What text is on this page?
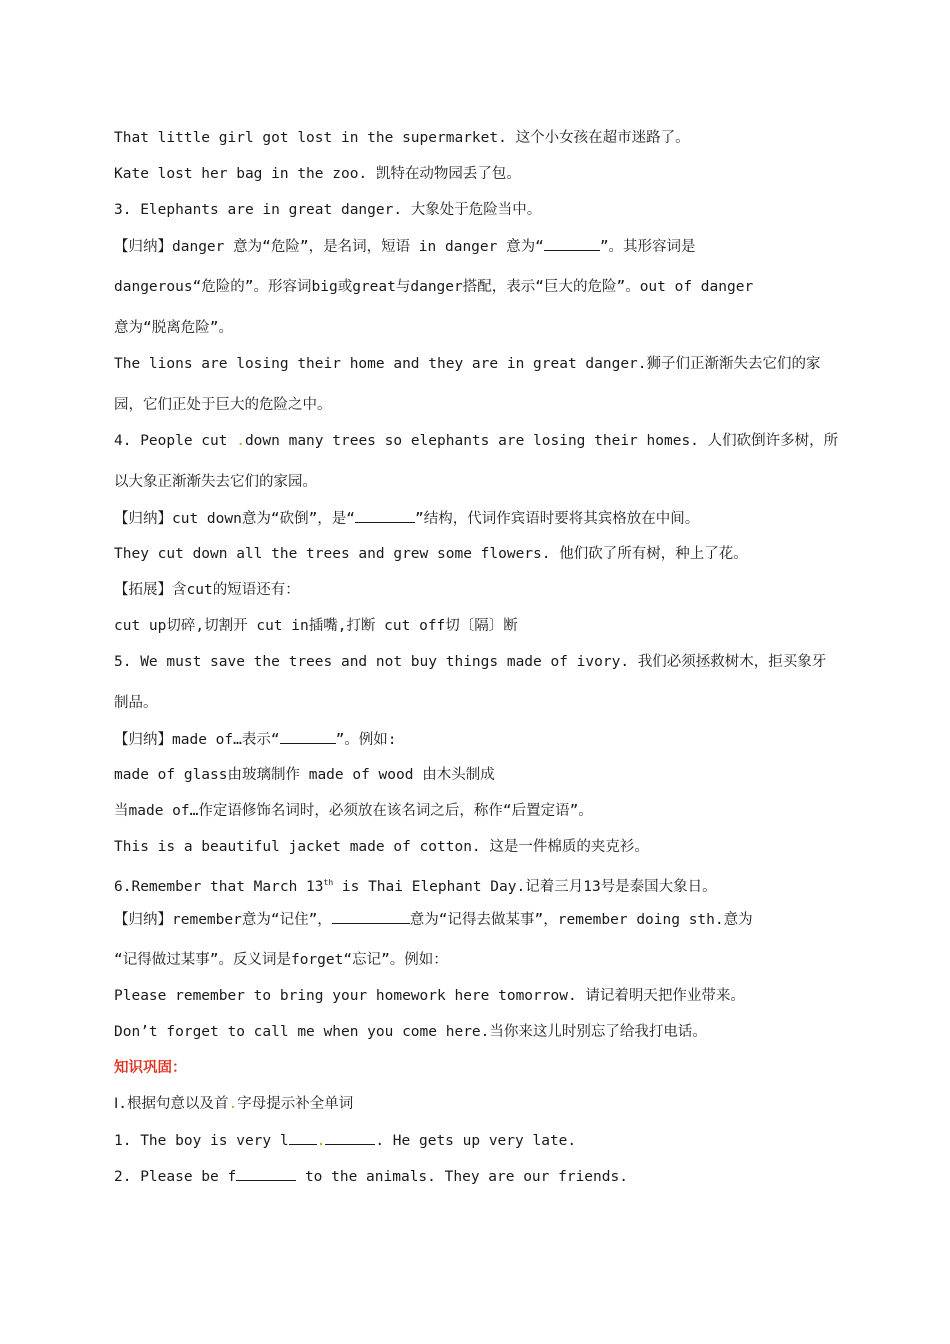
That little girl got lost in the supermarket. 这个小女孩在超市迷路了。
Kate lost her bag in the zoo. 凯特在动物园丢了包。
3. Elephants are in great danger. 大象处于危险当中。
【归纳】danger 意为“危险”，是名词，短语 in danger 意为“	”。其形容词是
dangerous“危险的”。形容词big或great与danger搭配，表示“巨大的危险”。out of danger
意为“脱离危险”。
The lions are losing their home and they are in great danger.狮子们正渐渐失去它们的家
园，它们正处于巨大的危险之中。
4. People cut .down many trees so elephants are losing their homes. 人们砍倒许多树，所
以大象正渐渐失去它们的家园。
【归纳】cut down意为“砍倒”，是“	”结构，代词作宾语时要将其宾格放在中间。
They cut down all the trees and grew some flowers. 他们砍了所有树，种上了花。
【拓展】含cut的短语还有：
cut up切碎,切割开 cut in插嘴,打断 cut off切〔隔〕断
5. We must save the trees and not buy things made of ivory. 我们必须拯救树木，拒买象牙
制品。
【归纳】made of…表示“	”。例如:
made of glass由玻璃制作 made of wood 由木头制成
当made of…作定语修饰名词时，必须放在该名词之后，称作“后置定语”。
This is a beautiful jacket made of cotton. 这是一件棉质的夹克衫。
6.Remember that March 13th is Thai Elephant Day.记着三月13号是泰国大象日。
【归纳】remember意为“记住”，	意为“记得去做某事”，remember doing sth.意为
“记得做过某事”。反义词是forget“忘记”。例如：
Please remember to bring your homework here tomorrow. 请记着明天把作业带来。
Don’t forget to call me when you come here.当你来这儿时别忘了给我打电话。
知识巩固：
Ⅰ.根据句意以及首.字母提示补全单词
1. The boy is very l .	. He gets up very late.
2. Please be f	to the animals. They are our friends.
